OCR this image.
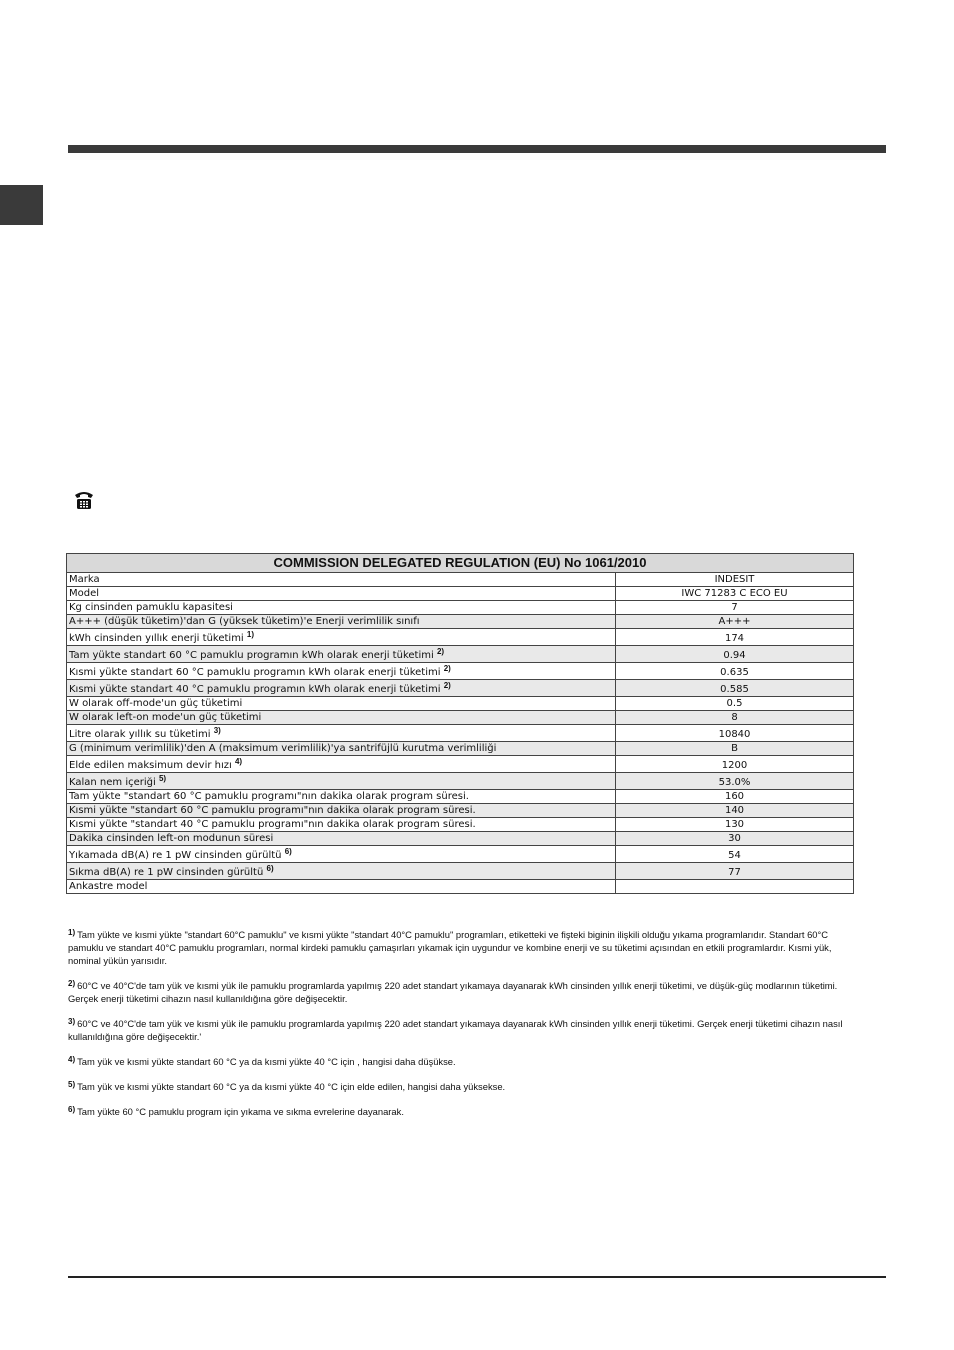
COMMISSION DELEGATED REGULATION (EU) No 1061/2010	
Marka	INDESIT
Model	IWC 71283 C ECO EU
Kg cinsinden pamuklu kapasitesi	7
A+++ (düşük tüketim)'dan G (yüksek tüketim)'e Enerji verimlilik sınıfı	A+++
kWh cinsinden yıllık enerji tüketimi $^{1)}$	174
Tam yükte standart 60 °C pamuklu programın kWh olarak enerji tüketimi $^{2)}$	0.94
Kısmi yükte standart 60 °C pamuklu programın kWh olarak enerji tüketimi $^{2)}$	0.635
Kısmi yükte standart 40 °C pamuklu programın kWh olarak enerji tüketimi $^{2)}$	0.585
W olarak off-mode'un güç tüketimi	0.5
W olarak left-on mode'un güç tüketimi	8
Litre olarak yıllık su tüketimi $^{3)}$	10840
G (minimum verimlilik)'den A (maksimum verimlilik)'ya santrifüjlü kurutma verimliliği	B
Elde edilen maksimum devir hızı $^{4)}$	1200
Kalan nem içeriği $^{5)}$	53.0%
Tam yükte "standart 60 °C pamuklu programı"nın dakika olarak program süresi.	160
Kısmi yükte "standart 60 °C pamuklu programı"nın dakika olarak program süresi.	140
Kısmi yükte "standart 40 °C pamuklu programı"nın dakika olarak program süresi.	130
Dakika cinsinden left-on modunun süresi	30
Yıkamada dB(A) re 1 pW cinsinden gürültü $^{6)}$	54
Sıkma dB(A) re 1 pW cinsinden gürültü $^{6)}$	77
Ankastre model	

1) Tam yükte ve kısmi yükte "standart 60°C pamuklu" ve kısmi yükte "standart 40°C pamuklu" programları, etiketteki ve fişteki biginin ilişkili olduğu yıkama programlarıdır. Standart 60°C pamuklu ve standart 40°C pamuklu programları, normal kirdeki pamuklu çamaşırları yıkamak için uygundur ve kombine enerji ve su tüketimi açısından en etkili programlardır. Kısmi yük, nominal yükün yarısıdır.

2) 60°C ve 40°C'de tam yük ve kısmi yük ile pamuklu programlarda yapılmış 220 adet standart yıkamaya dayanarak kWh cinsinden yıllık enerji tüketimi, ve düşük-güç modlarının tüketimi. Gerçek enerji tüketimi cihazın nasıl kullanıldığına göre değişecektir.

3) 60°C ve 40°C'de tam yük ve kısmi yük ile pamuklu programlarda yapılmış 220 adet standart yıkamaya dayanarak kWh cinsinden yıllık enerji tüketimi. Gerçek enerji tüketimi cihazın nasıl kullanıldığına göre değişecektir.'

4) Tam yük ve kısmi yükte standart 60 °C ya da kısmi yükte 40 °C için , hangisi daha düşükse.

5) Tam yük ve kısmi yükte standart 60 °C ya da kısmi yükte 40 °C için elde edilen, hangisi daha yüksekse.

6) Tam yükte 60 °C pamuklu program için yıkama ve sıkma evrelerine dayanarak.
